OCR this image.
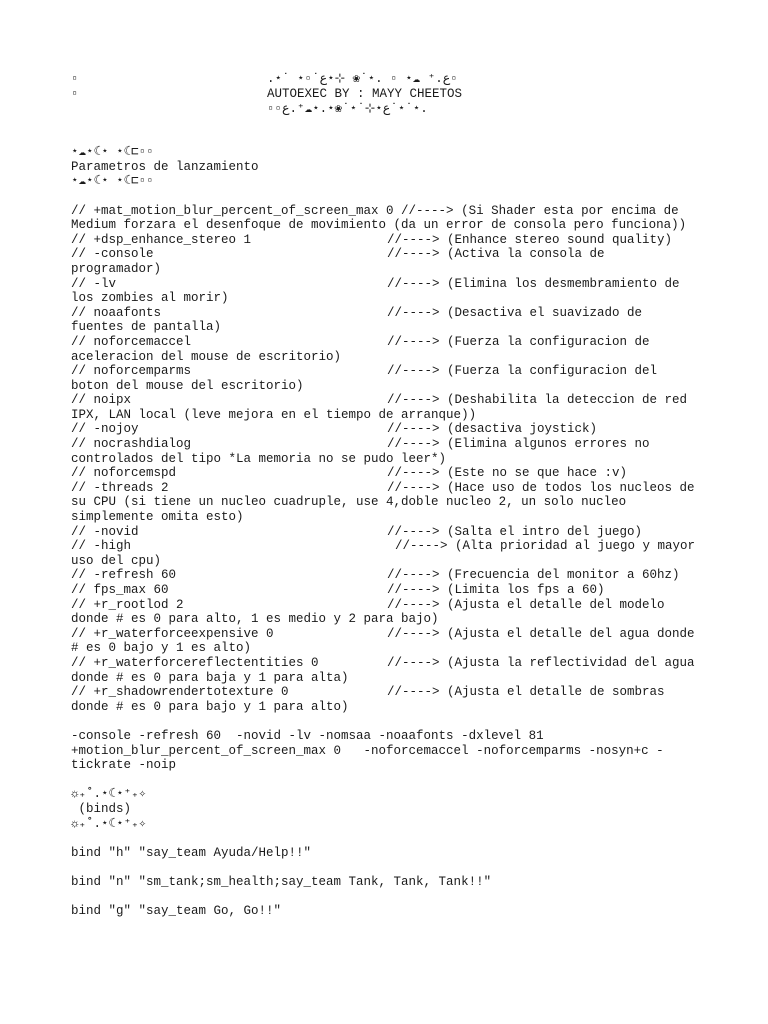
▫
▫
.⋆˙ ⋆▫˙ع.⁺ ☁⋆ ▫ .⋆˙❀ ⊹⋆ع▫
AUTOEXEC BY : MAYY CHEETOS
▫▫ع⋆⊹˙⋆˙❀⋆.⋆☁⁺.ع˙⋆˙⋆.
⋆☁⋆☾⋆ ⋆☾⊏▫▫
Parametros de lanzamiento
⋆☁⋆☾⋆ ⋆☾⊏▫▫
// +mat_motion_blur_percent_of_screen_max 0 //----> (Si Shader esta por encima de
Medium forzara el desenfoque de movimiento (da un error de consola pero funciona))
// +dsp_enhance_stereo 1	//----> (Enhance stereo sound quality)
// -console	//----> (Activa la consola de
programador)
// -lv	//----> (Elimina los desmembramiento de
los zombies al morir)
// noaafonts	//----> (Desactiva el suavizado de
fuentes de pantalla)
// noforcemaccel	//----> (Fuerza la configuracion de
aceleracion del mouse de escritorio)
// noforcemparms	//----> (Fuerza la configuracion del
boton del mouse del escritorio)
// noipx	//----> (Deshabilita la deteccion de red
IPX, LAN local (leve mejora en el tiempo de arranque))
// -nojoy	//----> (desactiva joystick)
// nocrashdialog	//----> (Elimina algunos errores no
controlados del tipo *La memoria no se pudo leer*)
// noforcemspd	//----> (Este no se que hace :v)
// -threads 2	//----> (Hace uso de todos los nucleos de
su CPU (si tiene un nucleo cuadruple, use 4,doble nucleo 2, un solo nucleo
simplemente omita esto)
// -novid	//----> (Salta el intro del juego)
// -high	//----> (Alta prioridad al juego y mayor
uso del cpu)
// -refresh 60	//----> (Frecuencia del monitor a 60hz)
// fps_max 60	//----> (Limita los fps a 60)
// +r_rootlod 2	//----> (Ajusta el detalle del modelo
donde # es 0 para alto, 1 es medio y 2 para bajo)
// +r_waterforceexpensive 0	//----> (Ajusta el detalle del agua donde
# es 0 bajo y 1 es alto)
// +r_waterforcereflectentities 0	//----> (Ajusta la reflectividad del agua
donde # es 0 para baja y 1 para alta)
// +r_shadowrendertotexture 0	//----> (Ajusta el detalle de sombras
donde # es 0 para bajo y 1 para alto)
-console -refresh 60  -novid -lv -nomsaa -noaafonts -dxlevel 81
+motion_blur_percent_of_screen_max 0   -noforcemaccel -noforcemparms -nosyn+c -
tickrate -noip
☼₊˚.⋆☾⋆⁺₊✧
(binds)
☼₊˚.⋆☾⋆⁺₊✧
bind "h" "say_team Ayuda/Help!!"
bind "n" "sm_tank;sm_health;say_team Tank, Tank, Tank!!"
bind "g" "say_team Go, Go!!"
